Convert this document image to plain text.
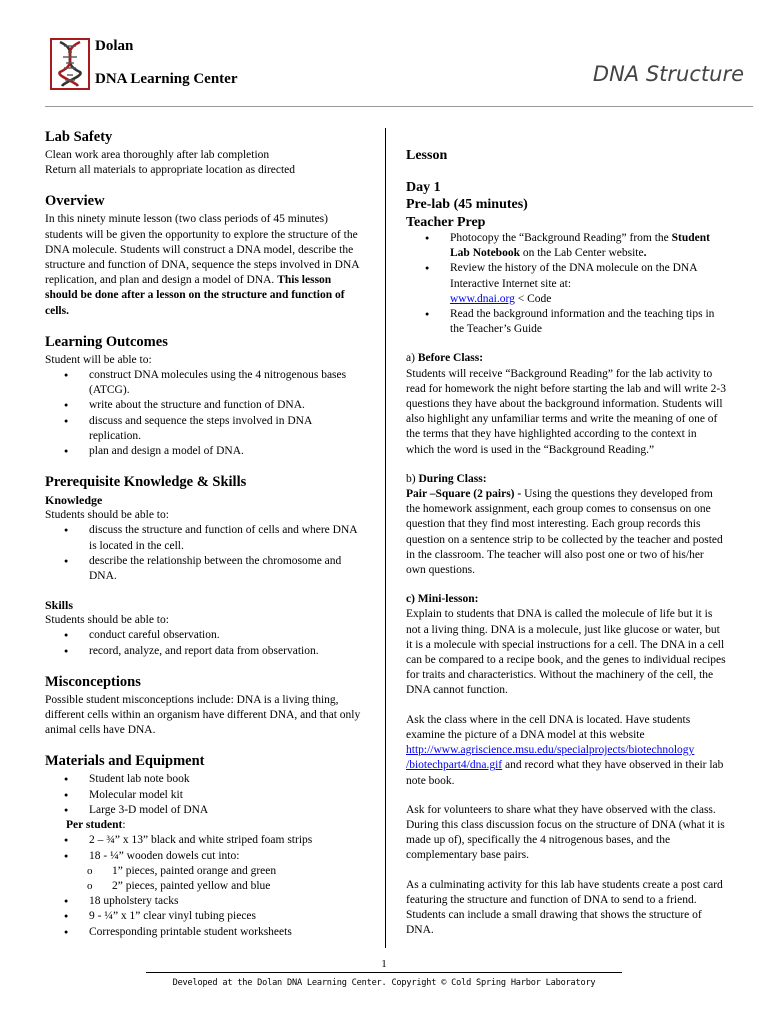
Dolan
DNA Learning Center	DNA Structure
Lab Safety

Clean work area thoroughly after lab completion

Return all materials to appropriate location as directed

Overview

In this ninety minute lesson (two class periods of 45 minutes) students will be given the opportunity to explore the structure of the DNA molecule. Students will construct a DNA model, describe the structure and function of DNA, sequence the steps involved in DNA replication, and plan and design a model of DNA. This lesson should be done after a lesson on the structure and function of cells.

Learning Outcomes

Student will be able to:

● construct DNA molecules using the 4 nitrogenous bases (ATCG).
● write about the structure and function of DNA.
● discuss and sequence the steps involved in DNA replication.
● plan and design a model of DNA.
Prerequisite Knowledge & Skills
Knowledge

Students should be able to:

● discuss the structure and function of cells and where DNA is located in the cell.
● describe the relationship between the chromosome and DNA.
Skills

Students should be able to:

● conduct careful observation.
● record, analyze, and report data from observation.
Misconceptions

Possible student misconceptions include: DNA is a living thing, different cells within an organism have different DNA, and that only animal cells have DNA.

Materials and Equipment
● Student lab note book
● Molecular model kit
● Large 3-D model of DNA

Per student:

● 2 – ¾” x 13” black and white striped foam strips
● 18 - ¼” wooden dowels cut into:
o 1” pieces, painted orange and green
o 2” pieces, painted yellow and blue
● 18 upholstery tacks
● 9 - ¼” x 1” clear vinyl tubing pieces
● Corresponding printable student worksheets

Lesson

Day 1

Pre-lab (45 minutes)

Teacher Prep

● Photocopy the “Background Reading” from the Student Lab Notebook on the Lab Center website.
● Review the history of the DNA molecule on the DNA Interactive Internet site at:
www.dnai.org < Code
● Read the background information and the teaching tips in the Teacher’s Guide

a) Before Class:

Students will receive “Background Reading” for the lab activity to read for homework the night before starting the lab and will write 2-3 questions they have about the background information. Students will also highlight any unfamiliar terms and write the meaning of one of the terms that they have highlighted according to the context in which the word is used in the “Background Reading.”

b) During Class:

Pair –Square (2 pairs) - Using the questions they developed from the homework assignment, each group comes to consensus on one question that they find most interesting. Each group records this question on a sentence strip to be collected by the teacher and posted in the classroom. The teacher will also post one or two of his/her own questions.

c) Mini-lesson:

Explain to students that DNA is called the molecule of life but it is not a living thing. DNA is a molecule, just like glucose or water, but it is a molecule with special instructions for a cell. The DNA in a cell can be compared to a recipe book, and the genes to individual recipes for traits and characteristics. Without the machinery of the cell, the DNA cannot function.

Ask the class where in the cell DNA is located. Have students examine the picture of a DNA model at this website http://www.agriscience.msu.edu/specialprojects/biotechnology
/biotechpart4/dna.gif and record what they have observed in their lab note book.

Ask for volunteers to share what they have observed with the class. During this class discussion focus on the structure of DNA (what it is made up of), specifically the 4 nitrogenous bases, and the complementary base pairs.

As a culminating activity for this lab have students create a post card featuring the structure and function of DNA to send to a friend. Students can include a small drawing that shows the structure of DNA.

1
Developed at the Dolan DNA Learning Center. Copyright © Cold Spring Harbor Laboratory
